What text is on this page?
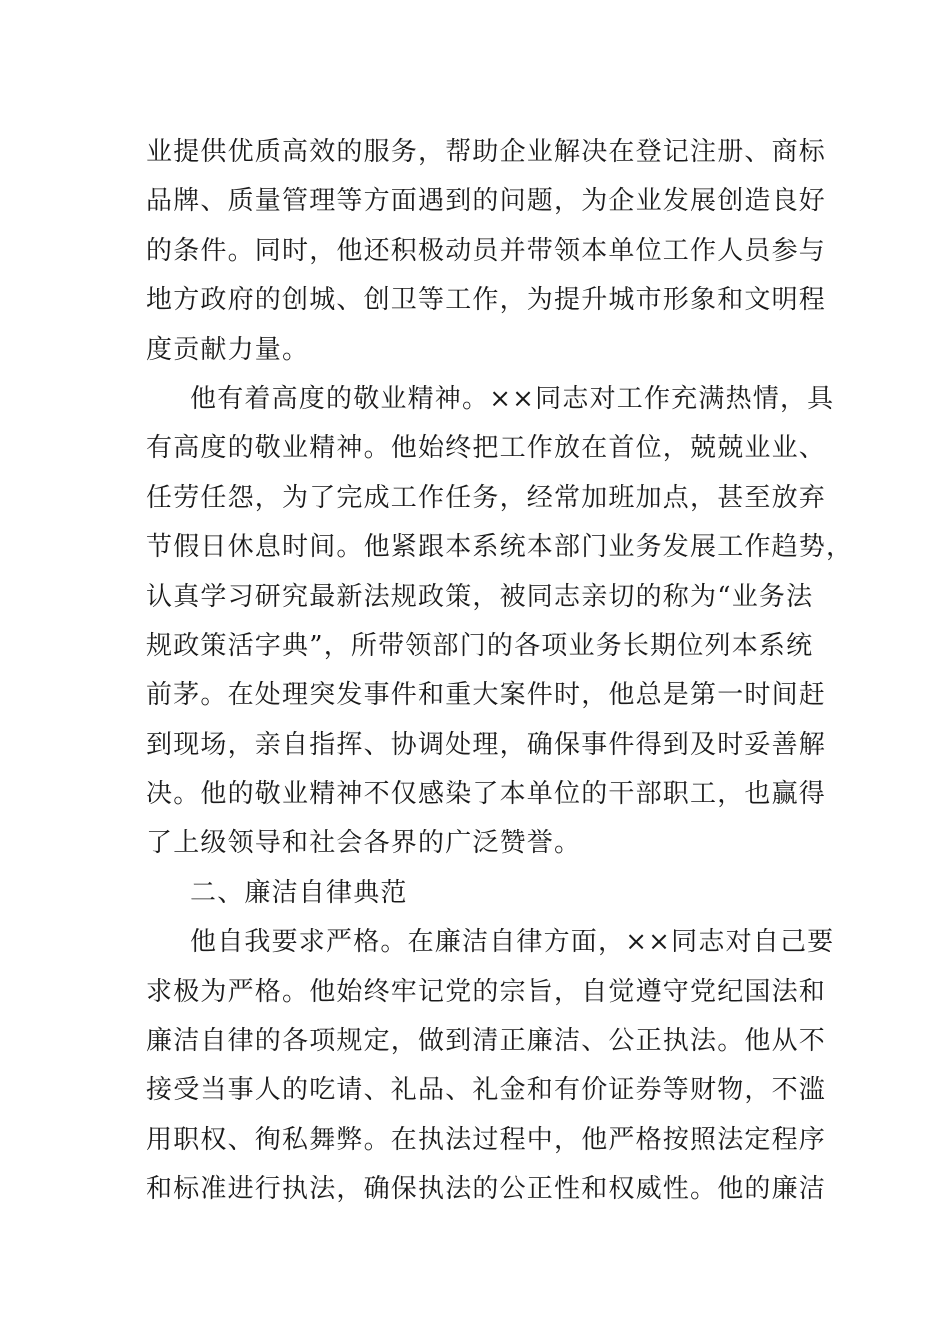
业提供优质高效的服务，帮助企业解决在登记注册、商标
品牌、质量管理等方面遇到的问题，为企业发展创造良好
的条件。同时，他还积极动员并带领本单位工作人员参与
地方政府的创城、创卫等工作，为提升城市形象和文明程
度贡献力量。
他有着高度的敬业精神。××同志对工作充满热情，具
有高度的敬业精神。他始终把工作放在首位，兢兢业业、
任劳任怨，为了完成工作任务，经常加班加点，甚至放弃
节假日休息时间。他紧跟本系统本部门业务发展工作趋势，
认真学习研究最新法规政策，被同志亲切的称为“业务法
规政策活字典”，所带领部门的各项业务长期位列本系统
前茅。在处理突发事件和重大案件时，他总是第一时间赶
到现场，亲自指挥、协调处理，确保事件得到及时妥善解
决。他的敬业精神不仅感染了本单位的干部职工，也赢得
了上级领导和社会各界的广泛赞誉。
二、廉洁自律典范
他自我要求严格。在廉洁自律方面，××同志对自己要
求极为严格。他始终牢记党的宗旨，自觉遵守党纪国法和
廉洁自律的各项规定，做到清正廉洁、公正执法。他从不
接受当事人的吃请、礼品、礼金和有价证券等财物，不滥
用职权、徇私舞弊。在执法过程中，他严格按照法定程序
和标准进行执法，确保执法的公正性和权威性。他的廉洁
